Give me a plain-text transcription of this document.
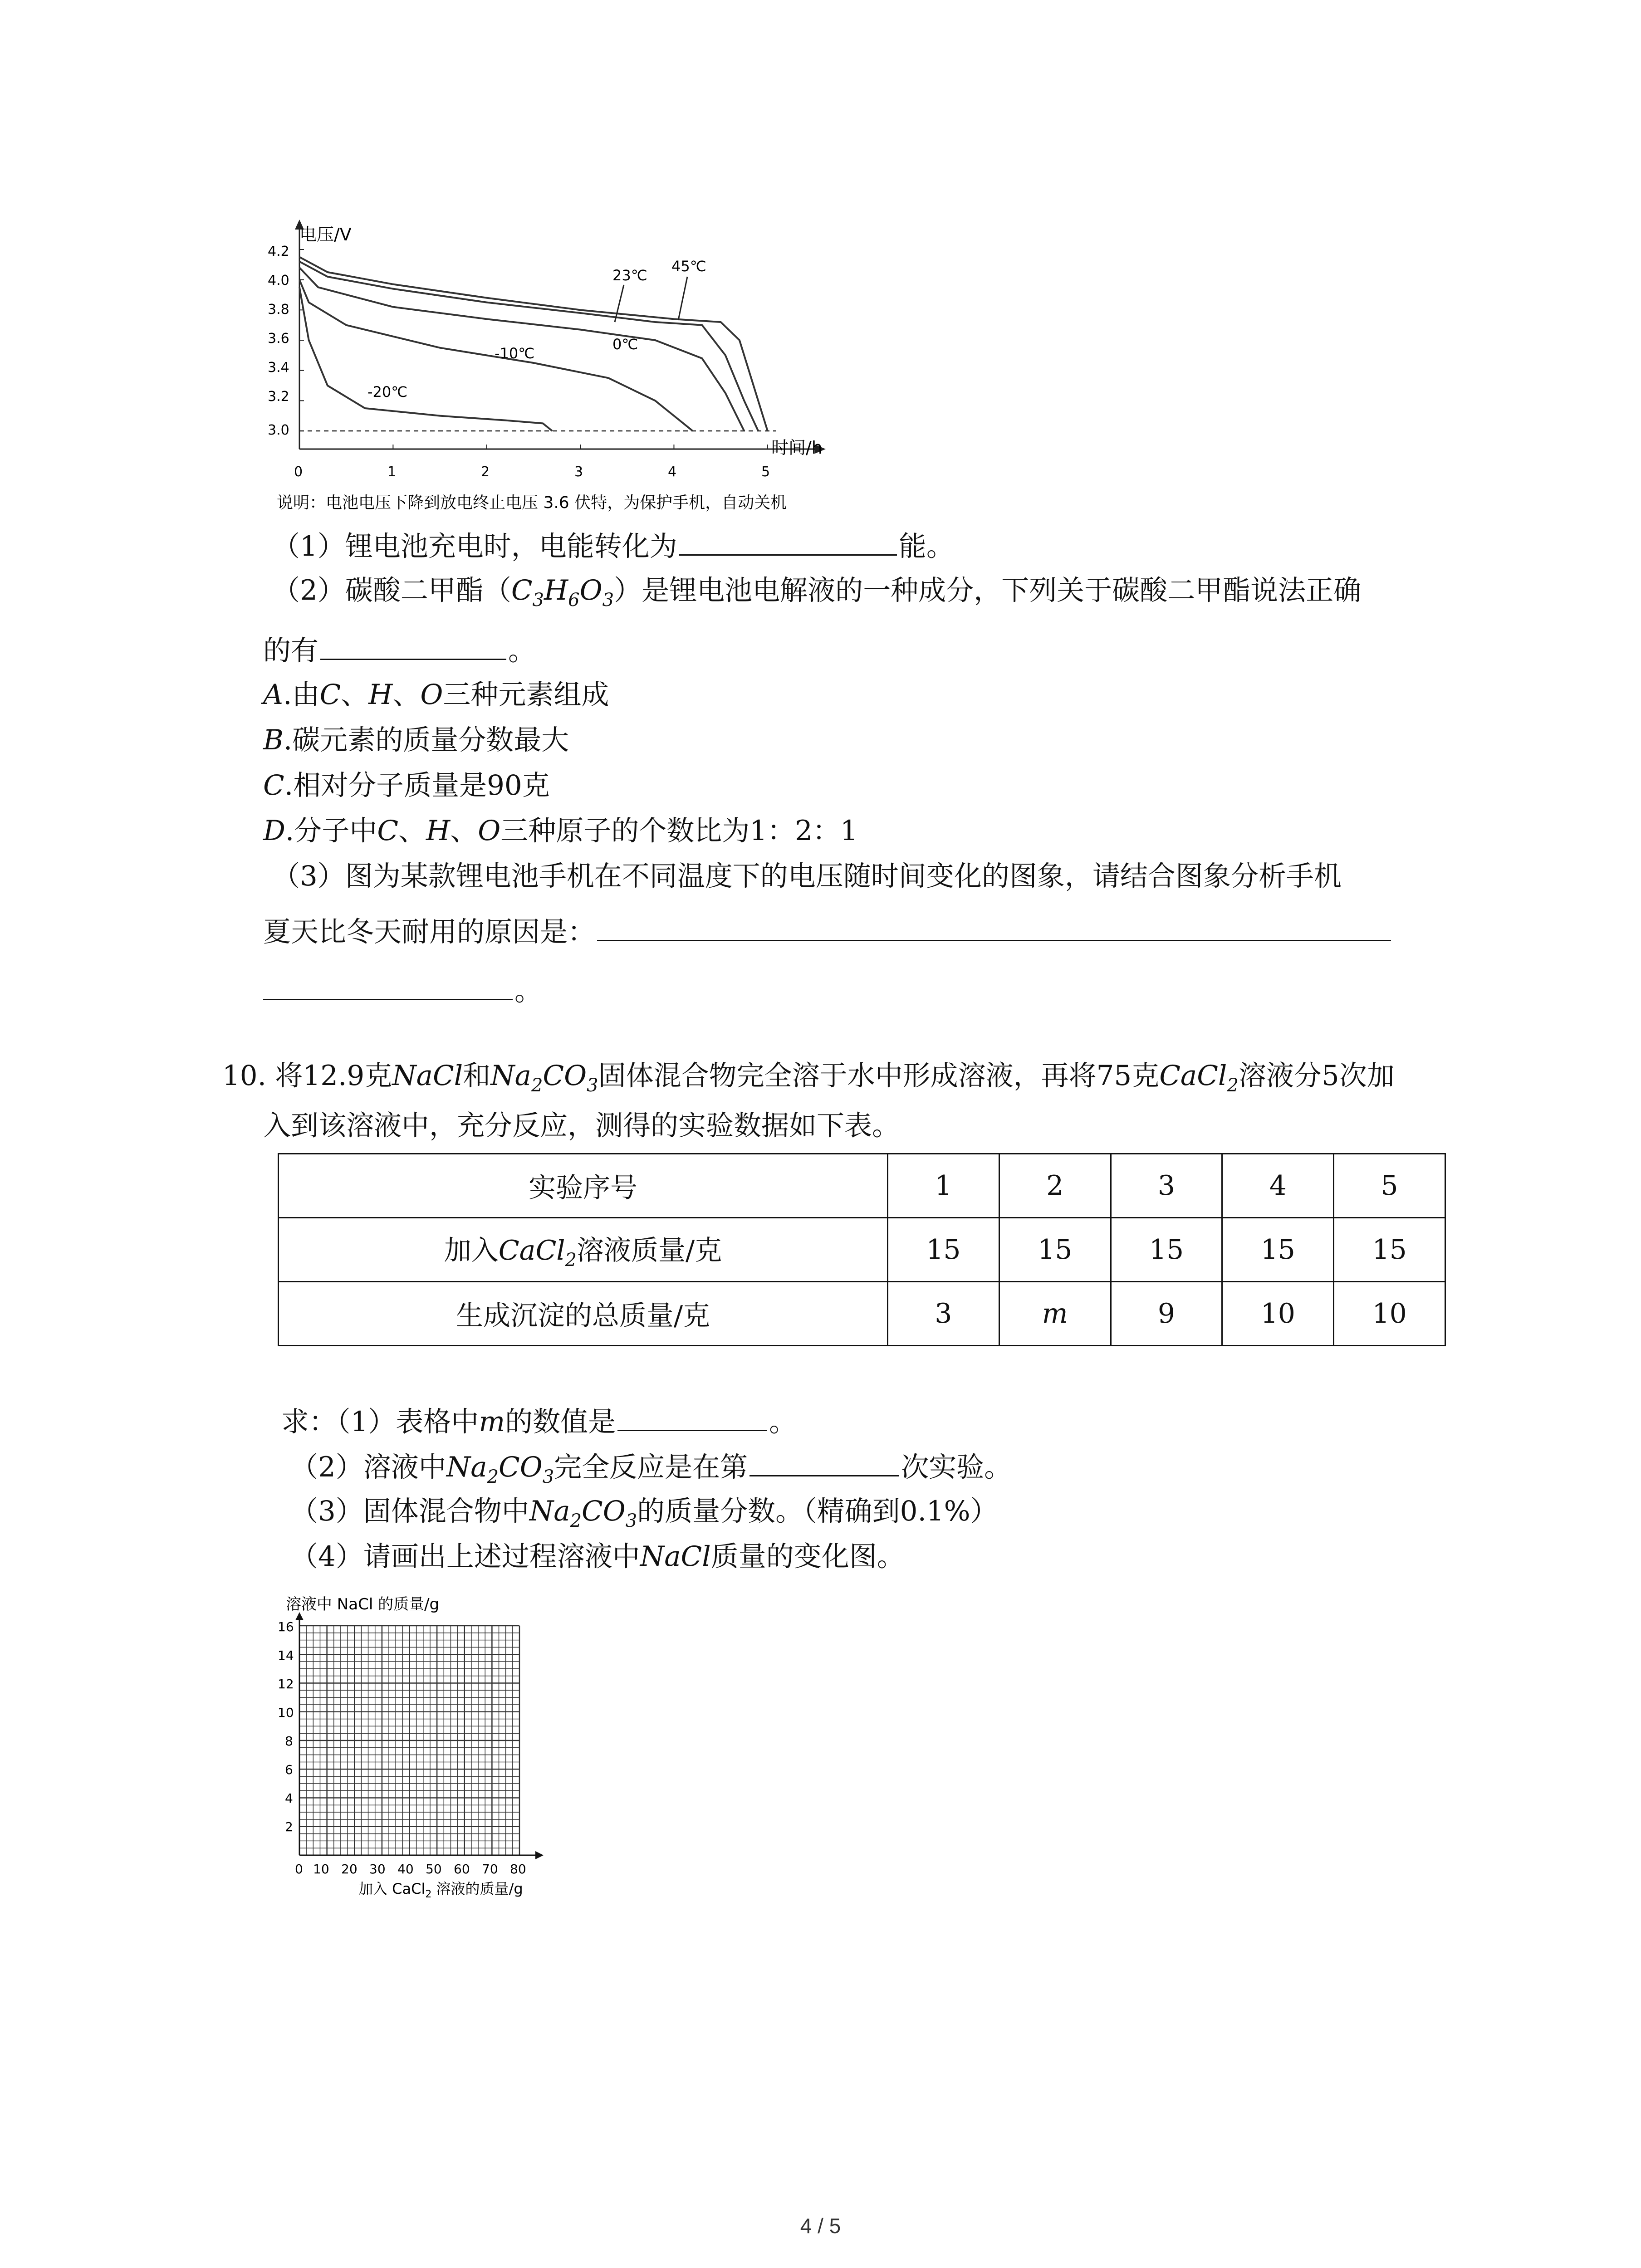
电压/V
时间/h
4.2
4.0
3.8
3.6
3.4
3.2
3.0
0	1	2	3	4	5
23℃
45℃
0℃
-10℃
-20℃
说明：电池电压下降到放电终止电压 3.6 伏特，为保护手机，自动关机
（1）锂电池充电时，电能转化为	能。
（2）碳酸二甲酯$(C_3H_6O_3)$是锂电池电解液的一种成分，下列关于碳酸二甲酯说法正确
的有	。
A.由C、H、O三种元素组成
B.碳元素的质量分数最大
C.相对分子质量是90克
D.分子中C、H、O三种原子的个数比为1：2：1
（3）图为某款锂电池手机在不同温度下的电压随时间变化的图象，请结合图象分析手机
夏天比冬天耐用的原因是：
。
10. 将12.9克NaCl和$Na_2CO_3$固体混合物完全溶于水中形成溶液，再将75克CaCl$_2$溶液分5次加
入到该溶液中，充分反应，测得的实验数据如下表。
实验序号	1	2	3	4	5
加入CaCl$_2$溶液质量/克	15	15	15	15	15
生成沉淀的总质量/克	3	m	9	10	10
求：（1）表格中m的数值是	。
（2）溶液中$Na_2CO_3$完全反应是在第	次实验。
（3）固体混合物中$Na_2CO_3$的质量分数。（精确到0.1%）
（4）请画出上述过程溶液中NaCl质量的变化图。
溶液中 NaCl 的质量/g
16
14
12
10
8
6
4
2
0 10 20 30 40 50 60 70 80
加入 CaCl$_2$ 溶液的质量/g
4 / 5
